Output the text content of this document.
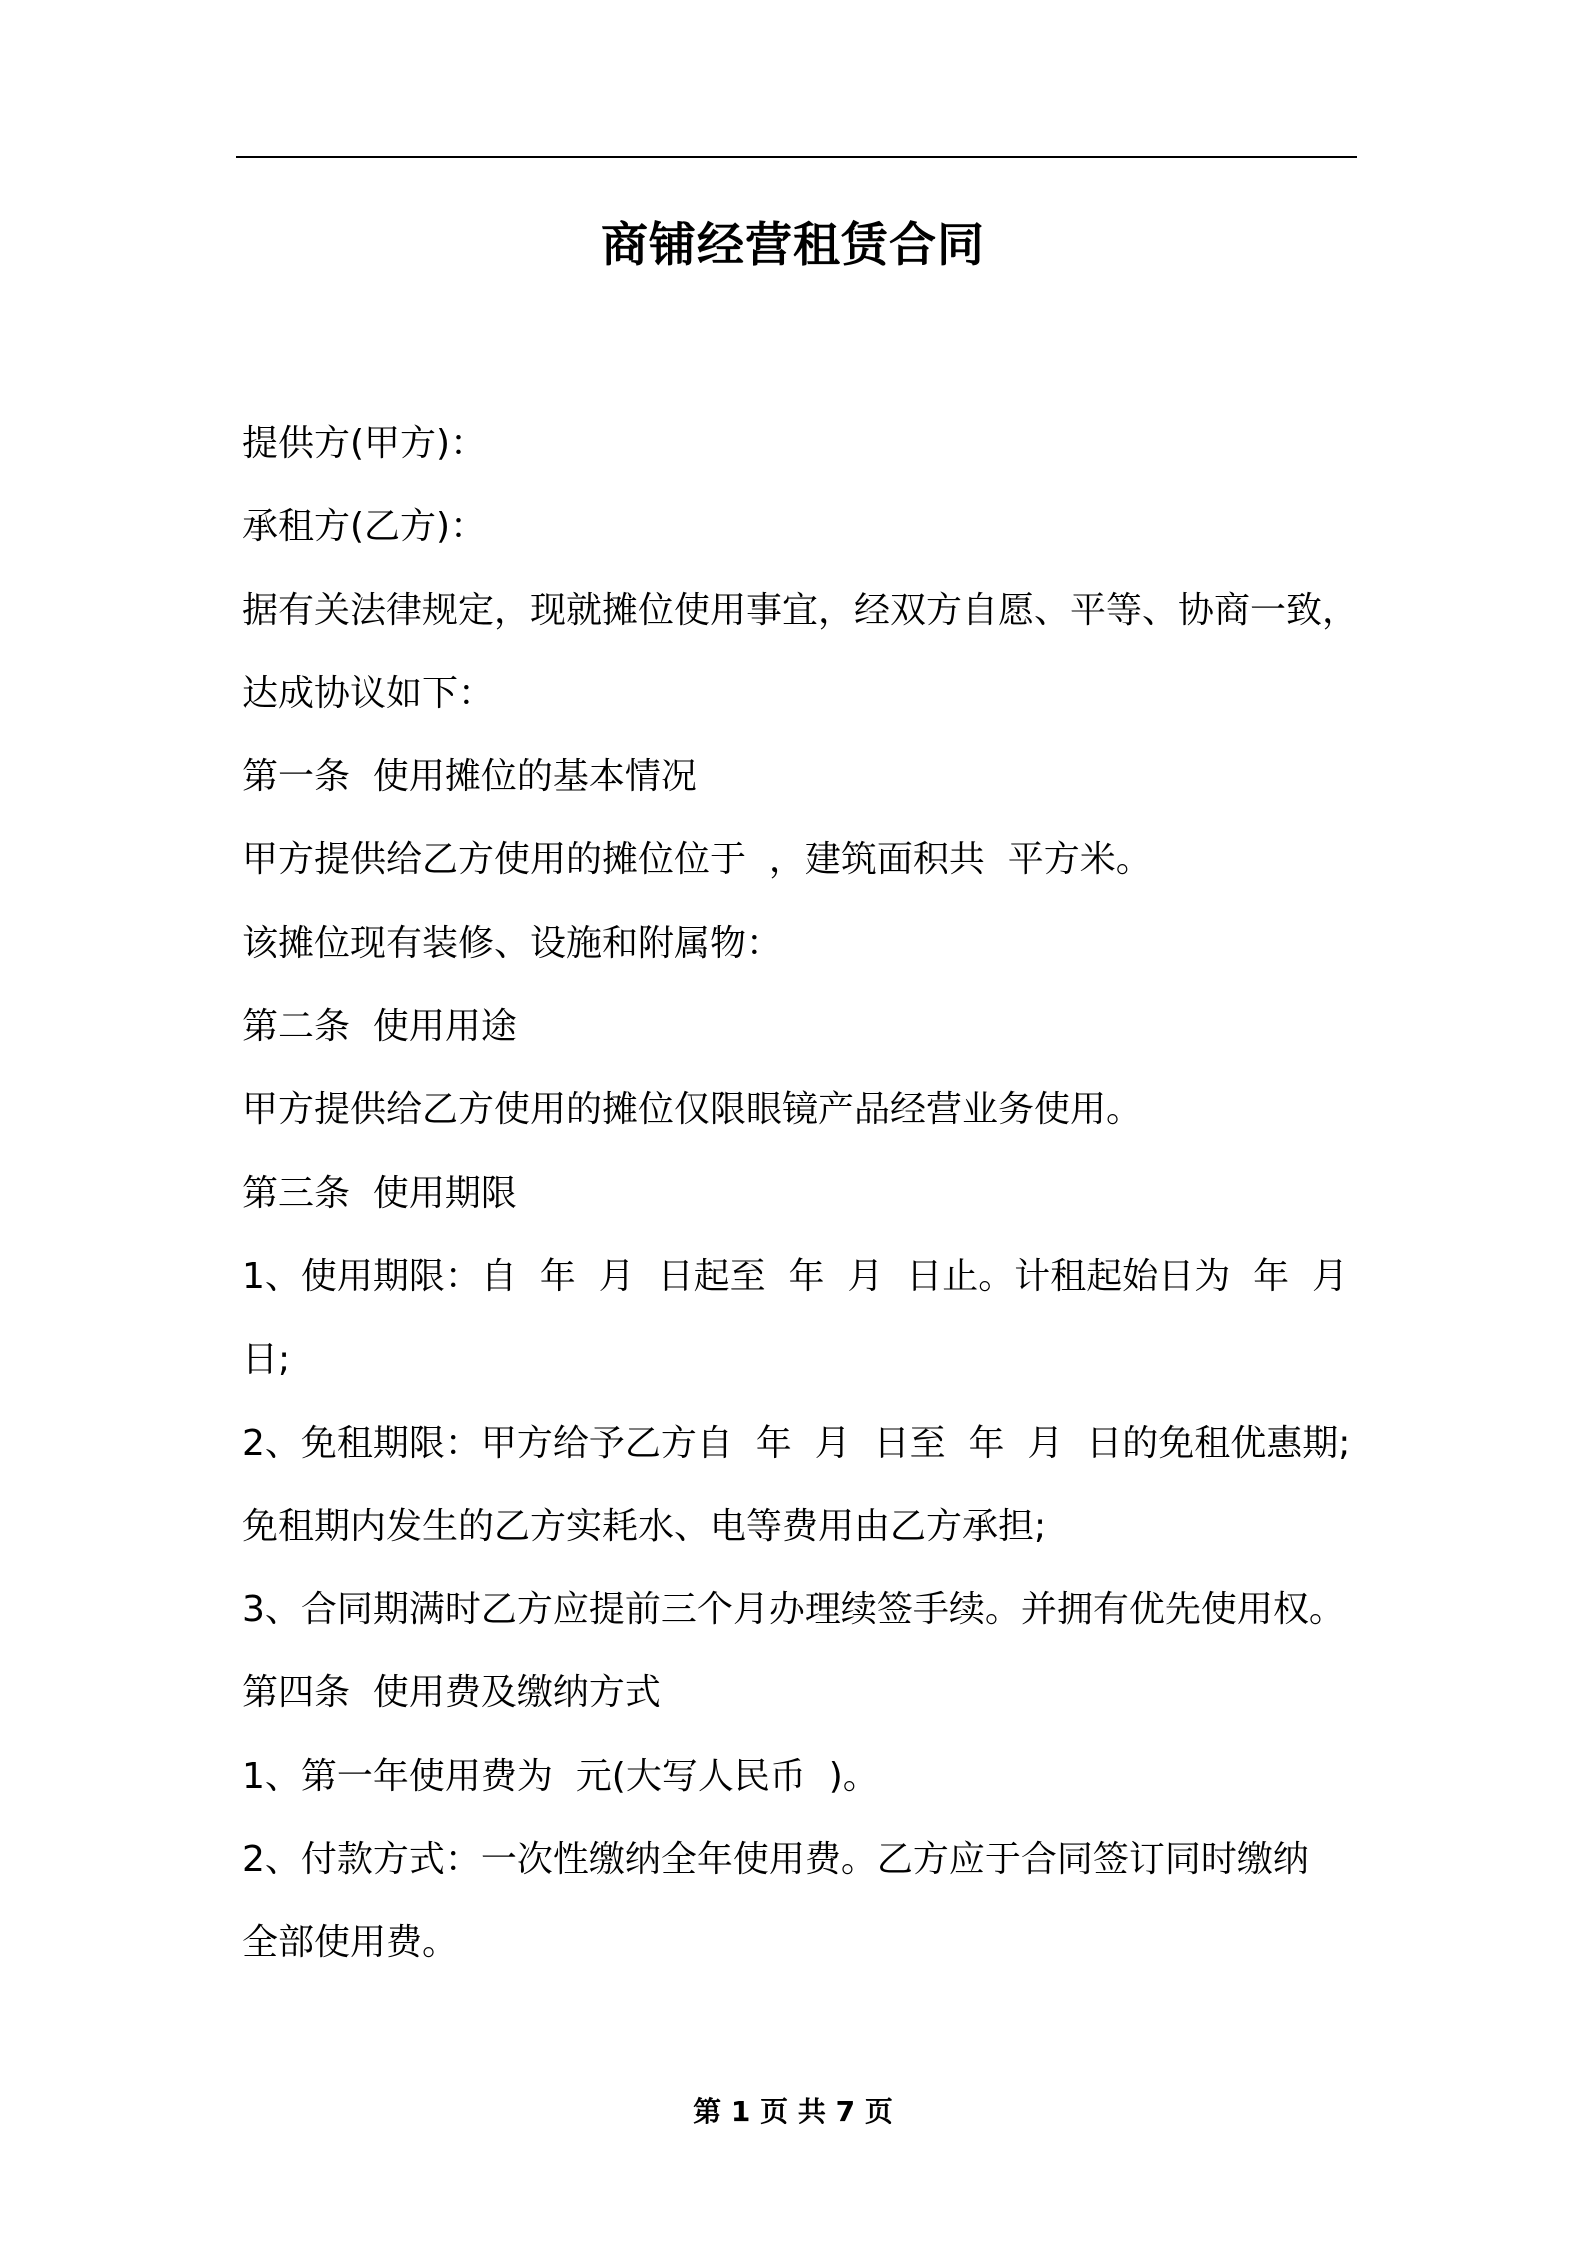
商铺经营租赁合同

提供方(甲方)：

承租方(乙方)：

据有关法律规定，现就摊位使用事宜，经双方自愿、平等、协商一致，

达成协议如下：

第一条  使用摊位的基本情况

甲方提供给乙方使用的摊位位于  ，建筑面积共  平方米。

该摊位现有装修、设施和附属物：

第二条  使用用途

甲方提供给乙方使用的摊位仅限眼镜产品经营业务使用。

第三条  使用期限

1、使用期限：自  年  月  日起至  年  月  日止。计租起始日为  年  月

日;

2、免租期限：甲方给予乙方自  年  月  日至  年  月  日的免租优惠期;

免租期内发生的乙方实耗水、电等费用由乙方承担;

3、合同期满时乙方应提前三个月办理续签手续。并拥有优先使用权。

第四条  使用费及缴纳方式

1、第一年使用费为  元(大写人民币  )。

2、付款方式：一次性缴纳全年使用费。乙方应于合同签订同时缴纳

全部使用费。

第 1 页 共 7 页
